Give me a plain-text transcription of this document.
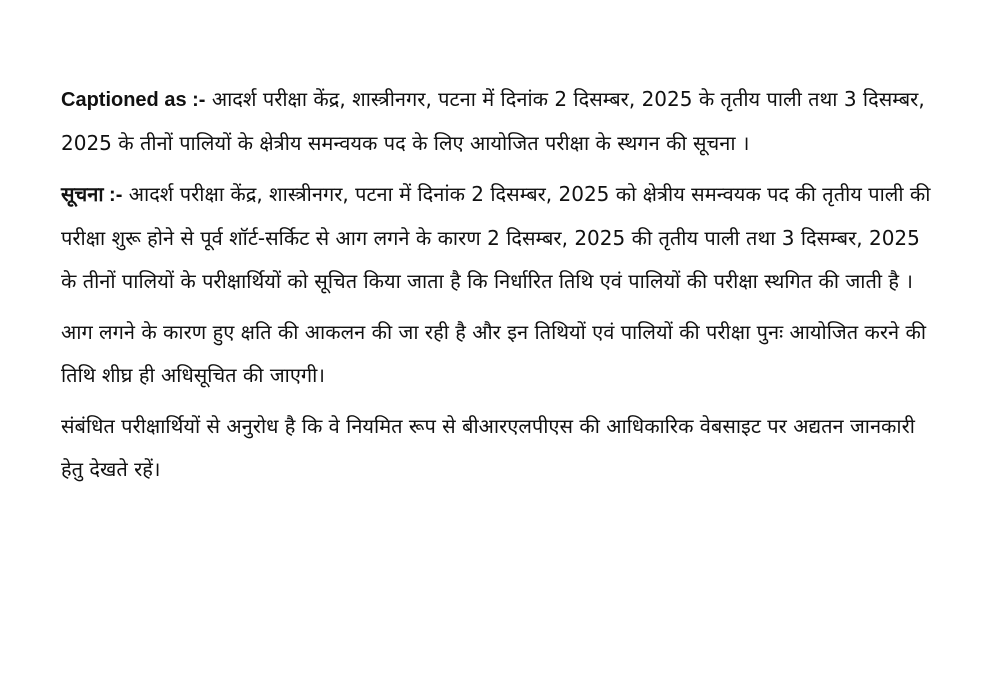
Captioned as :- आदर्श परीक्षा केंद्र, शास्त्रीनगर, पटना में दिनांक 2 दिसम्बर, 2025 के तृतीय पाली तथा 3 दिसम्बर, 2025 के तीनों पालियों के क्षेत्रीय समन्वयक पद के लिए आयोजित परीक्षा के स्थगन की सूचना ।

सूचना :- आदर्श परीक्षा केंद्र, शास्त्रीनगर, पटना में दिनांक 2 दिसम्बर, 2025 को क्षेत्रीय समन्वयक पद की तृतीय पाली की परीक्षा शुरू होने से पूर्व शॉर्ट-सर्किट से आग लगने के कारण 2 दिसम्बर, 2025 की तृतीय पाली तथा 3 दिसम्बर, 2025 के तीनों पालियों के परीक्षार्थियों को सूचित किया जाता है कि निर्धारित तिथि एवं पालियों की परीक्षा स्थगित की जाती है ।

आग लगने के कारण हुए क्षति की आकलन की जा रही है और इन तिथियों एवं पालियों की परीक्षा पुनः आयोजित करने की तिथि शीघ्र ही अधिसूचित की जाएगी।

संबंधित परीक्षार्थियों से अनुरोध है कि वे नियमित रूप से बीआरएलपीएस की आधिकारिक वेबसाइट पर अद्यतन जानकारी हेतु देखते रहें।
